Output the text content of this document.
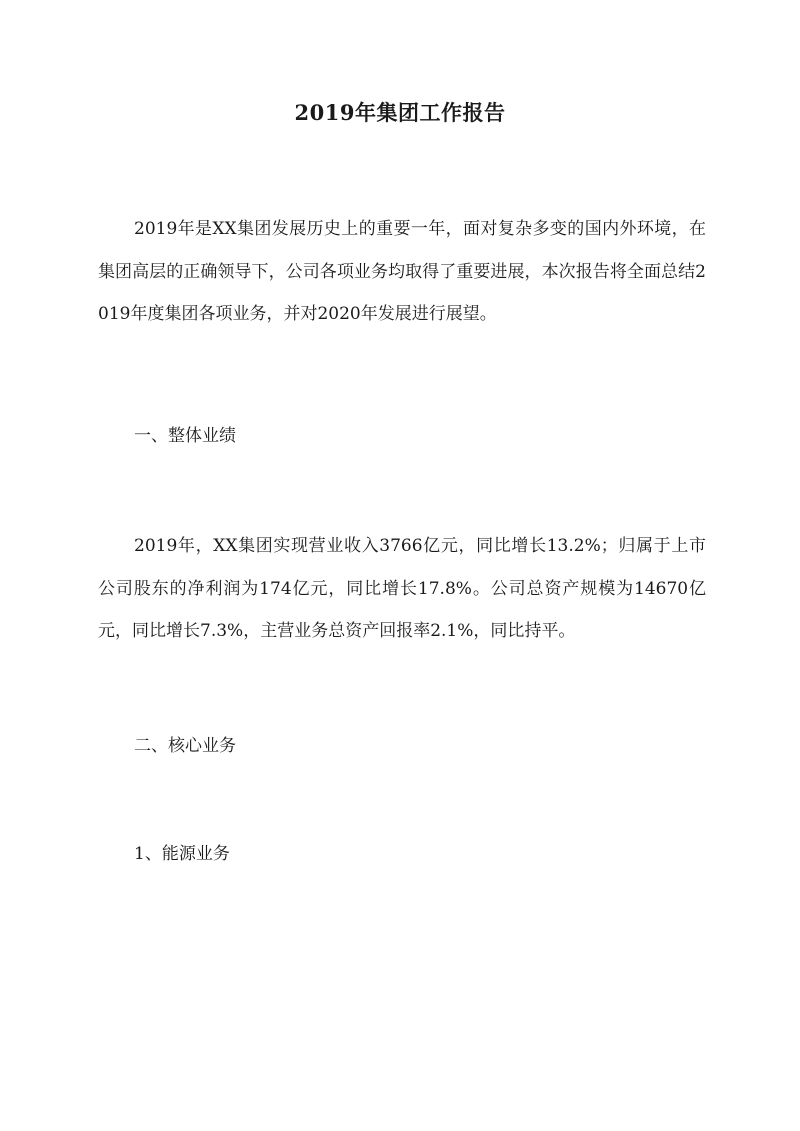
2019年集团工作报告

2019年是XX集团发展历史上的重要一年，面对复杂多变的国内外环境，在集团高层的正确领导下，公司各项业务均取得了重要进展，本次报告将全面总结2019年度集团各项业务，并对2020年发展进行展望。

一、整体业绩

2019年，XX集团实现营业收入3766亿元，同比增长13.2%；归属于上市公司股东的净利润为174亿元，同比增长17.8%。公司总资产规模为14670亿元，同比增长7.3%，主营业务总资产回报率2.1%，同比持平。

二、核心业务
1、能源业务
